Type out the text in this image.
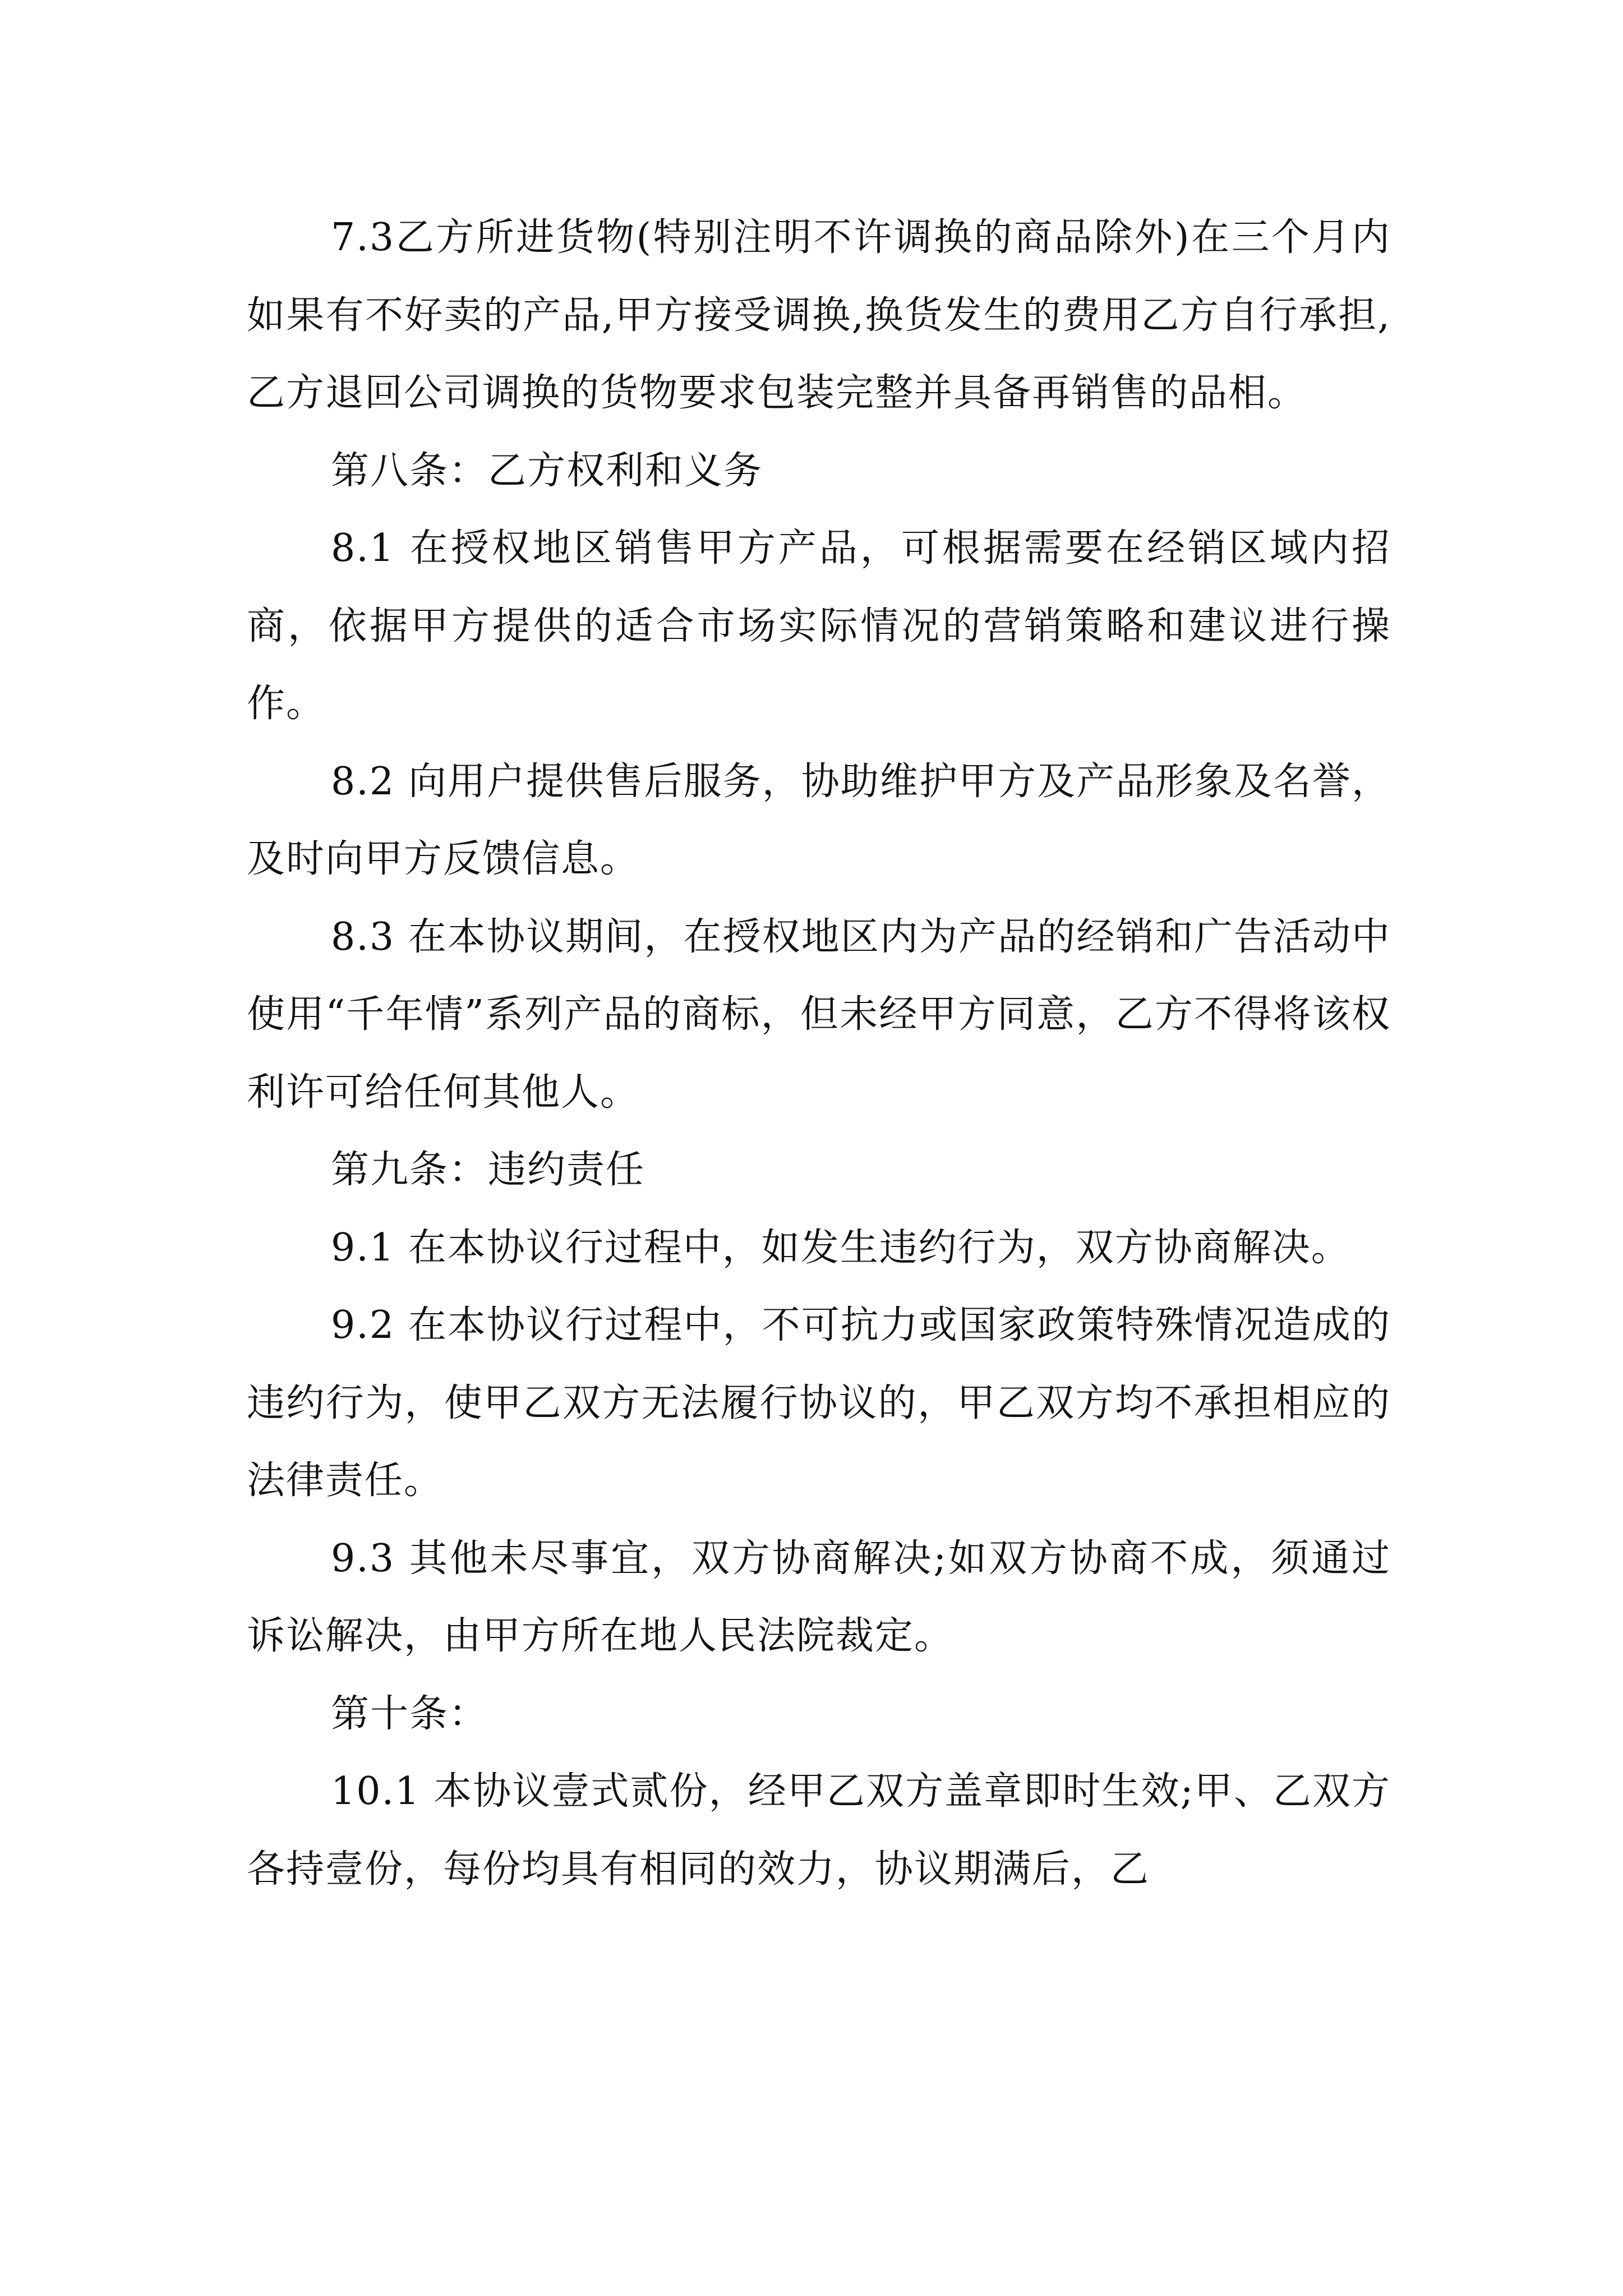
7.3乙方所进货物(特别注明不许调换的商品除外)在三个月内如果有不好卖的产品,甲方接受调换,换货发生的费用乙方自行承担,乙方退回公司调换的货物要求包装完整并具备再销售的品相。

第八条：乙方权利和义务

8.1 在授权地区销售甲方产品，可根据需要在经销区域内招商，依据甲方提供的适合市场实际情况的营销策略和建议进行操作。

8.2 向用户提供售后服务，协助维护甲方及产品形象及名誉，及时向甲方反馈信息。

8.3 在本协议期间，在授权地区内为产品的经销和广告活动中使用“千年情”系列产品的商标，但未经甲方同意，乙方不得将该权利许可给任何其他人。

第九条：违约责任

9.1 在本协议行过程中，如发生违约行为，双方协商解决。

9.2 在本协议行过程中，不可抗力或国家政策特殊情况造成的违约行为，使甲乙双方无法履行协议的，甲乙双方均不承担相应的法律责任。

9.3 其他未尽事宜，双方协商解决;如双方协商不成，须通过诉讼解决，由甲方所在地人民法院裁定。

第十条：

10.1 本协议壹式贰份，经甲乙双方盖章即时生效;甲、乙双方各持壹份，每份均具有相同的效力，协议期满后，乙
